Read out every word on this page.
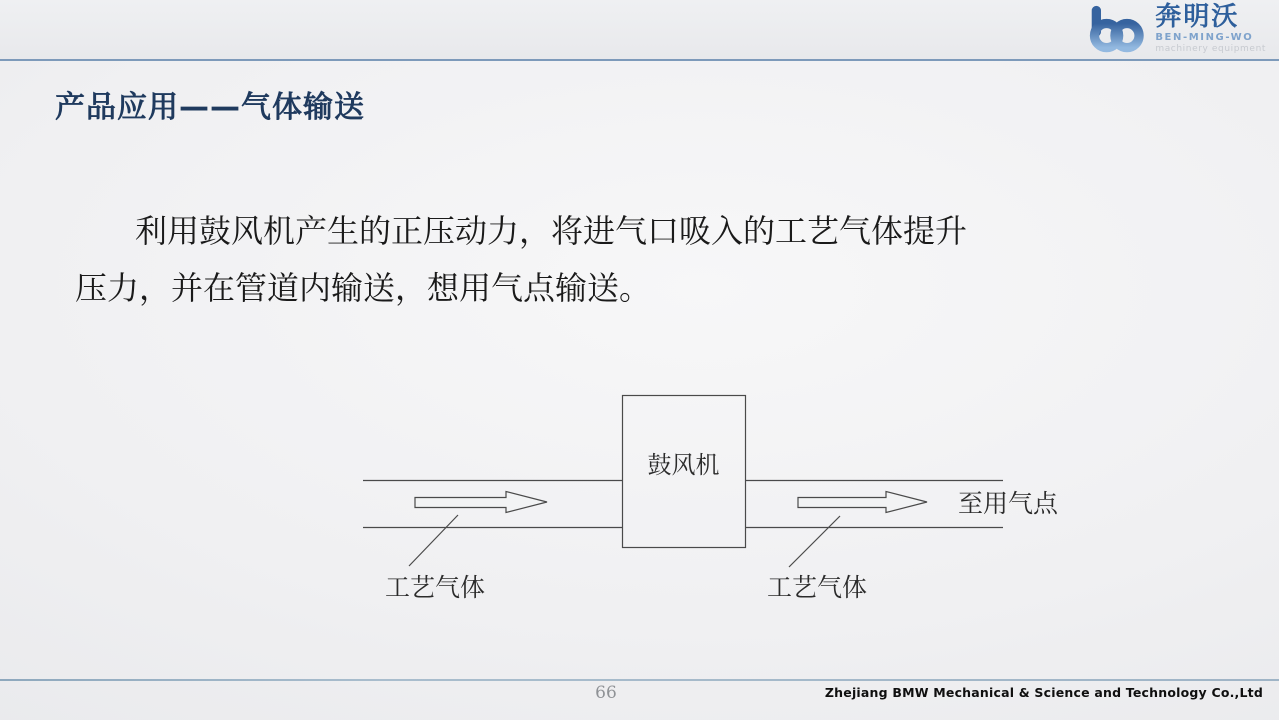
奔明沃
BEN-MING-WO
machinery equipment
产品应用——气体输送
利用鼓风机产生的正压动力，将进气口吸入的工艺气体提升
压力，并在管道内输送，想用气点输送。
鼓风机
工艺气体	工艺气体
至用气点
66	Zhejiang BMW Mechanical & Science and Technology Co.,Ltd
